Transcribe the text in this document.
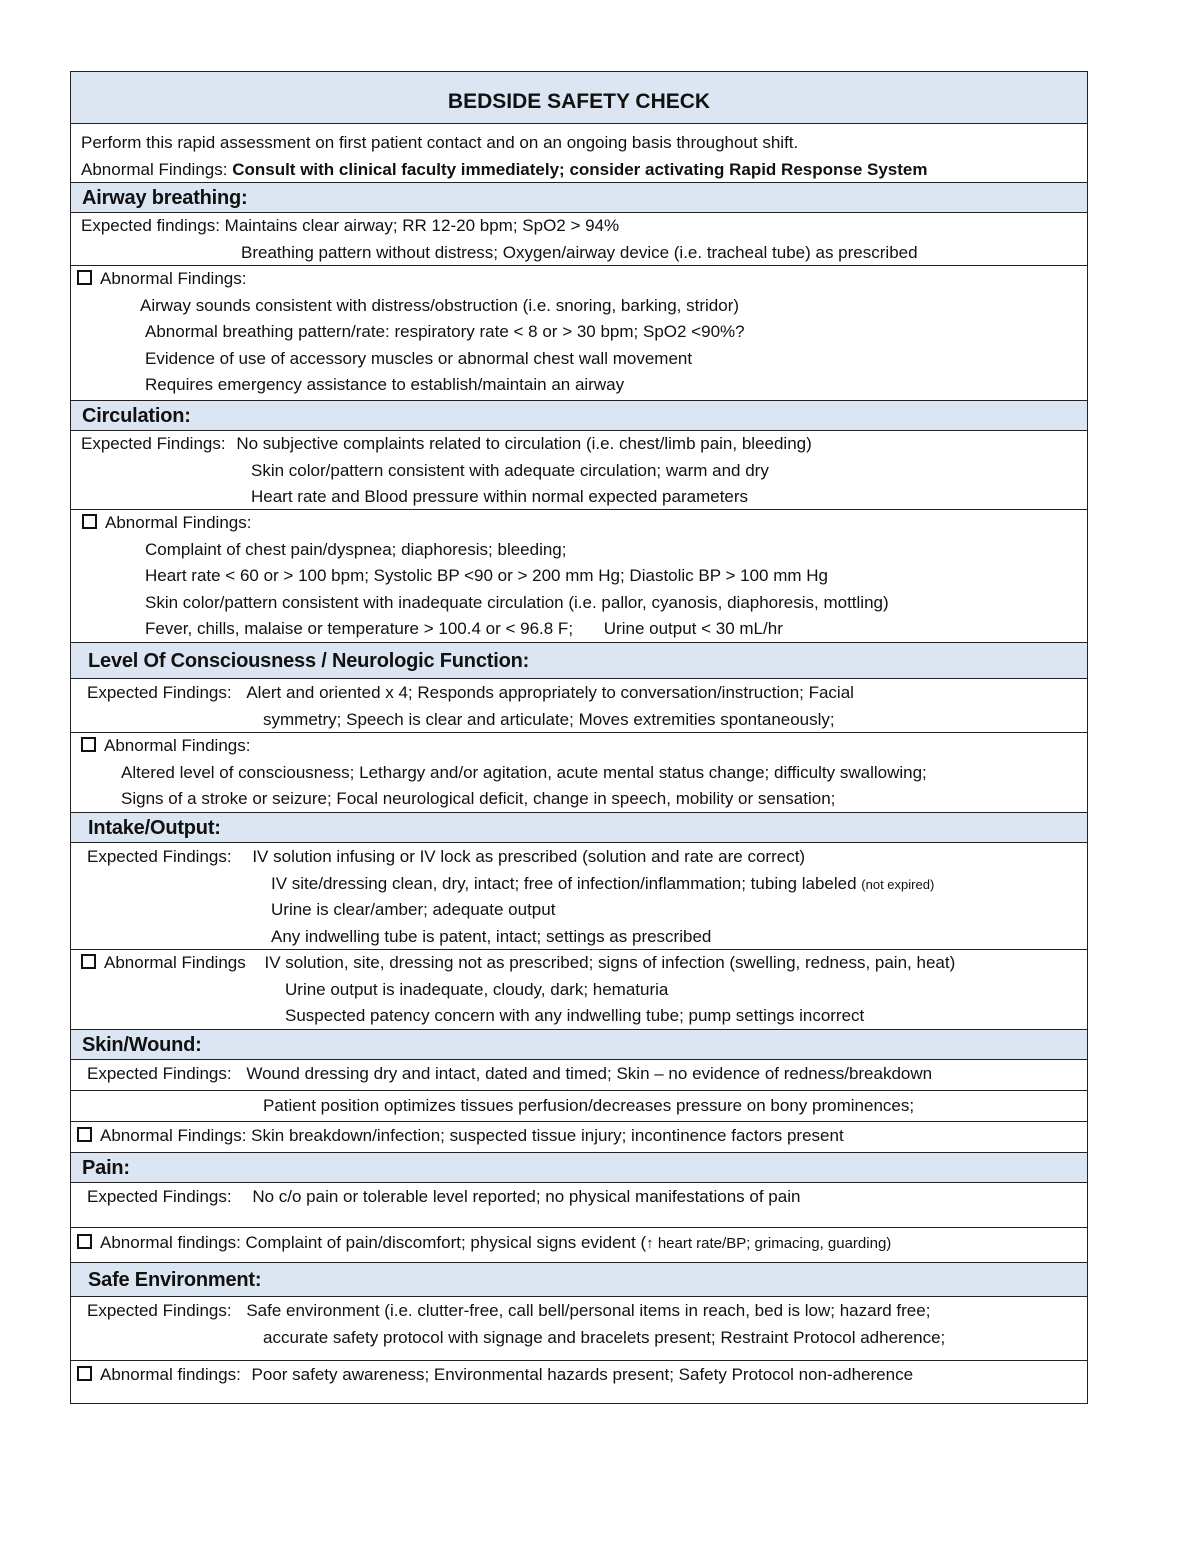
BEDSIDE SAFETY CHECK
Perform this rapid assessment on first patient contact and on an ongoing basis throughout shift.
Abnormal Findings: Consult with clinical faculty immediately; consider activating Rapid Response System
Airway breathing:
Expected findings: Maintains clear airway; RR 12-20 bpm; SpO2 > 94%
Breathing pattern without distress; Oxygen/airway device (i.e. tracheal tube) as prescribed
Abnormal Findings:
Airway sounds consistent with distress/obstruction (i.e. snoring, barking, stridor)
Abnormal breathing pattern/rate: respiratory rate < 8 or > 30 bpm; SpO2 <90%?
Evidence of use of accessory muscles or abnormal chest wall movement
Requires emergency assistance to establish/maintain an airway
Circulation:
Expected Findings: No subjective complaints related to circulation (i.e. chest/limb pain, bleeding)
Skin color/pattern consistent with adequate circulation; warm and dry
Heart rate and Blood pressure within normal expected parameters
Abnormal Findings:
Complaint of chest pain/dyspnea; diaphoresis; bleeding;
Heart rate < 60 or > 100 bpm; Systolic BP <90 or > 200 mm Hg; Diastolic BP > 100 mm Hg
Skin color/pattern consistent with inadequate circulation (i.e. pallor, cyanosis, diaphoresis, mottling)
Fever, chills, malaise or temperature > 100.4 or < 96.8 F; Urine output < 30 mL/hr
Level Of Consciousness / Neurologic Function:
Expected Findings: Alert and oriented x 4; Responds appropriately to conversation/instruction; Facial
symmetry; Speech is clear and articulate; Moves extremities spontaneously;
Abnormal Findings:
Altered level of consciousness; Lethargy and/or agitation, acute mental status change; difficulty swallowing;
Signs of a stroke or seizure; Focal neurological deficit, change in speech, mobility or sensation;
Intake/Output:
Expected Findings: IV solution infusing or IV lock as prescribed (solution and rate are correct)
IV site/dressing clean, dry, intact; free of infection/inflammation; tubing labeled (not expired)
Urine is clear/amber; adequate output
Any indwelling tube is patent, intact; settings as prescribed
Abnormal Findings IV solution, site, dressing not as prescribed; signs of infection (swelling, redness, pain, heat)
Urine output is inadequate, cloudy, dark; hematuria
Suspected patency concern with any indwelling tube; pump settings incorrect
Skin/Wound:
Expected Findings: Wound dressing dry and intact, dated and timed; Skin – no evidence of redness/breakdown
Patient position optimizes tissues perfusion/decreases pressure on bony prominences;
Abnormal Findings: Skin breakdown/infection; suspected tissue injury; incontinence factors present
Pain:
Expected Findings: No c/o pain or tolerable level reported; no physical manifestations of pain
Abnormal findings: Complaint of pain/discomfort; physical signs evident (↑ heart rate/BP; grimacing, guarding)
Safe Environment:
Expected Findings: Safe environment (i.e. clutter-free, call bell/personal items in reach, bed is low; hazard free;
accurate safety protocol with signage and bracelets present; Restraint Protocol adherence;
Abnormal findings: Poor safety awareness; Environmental hazards present; Safety Protocol non-adherence
